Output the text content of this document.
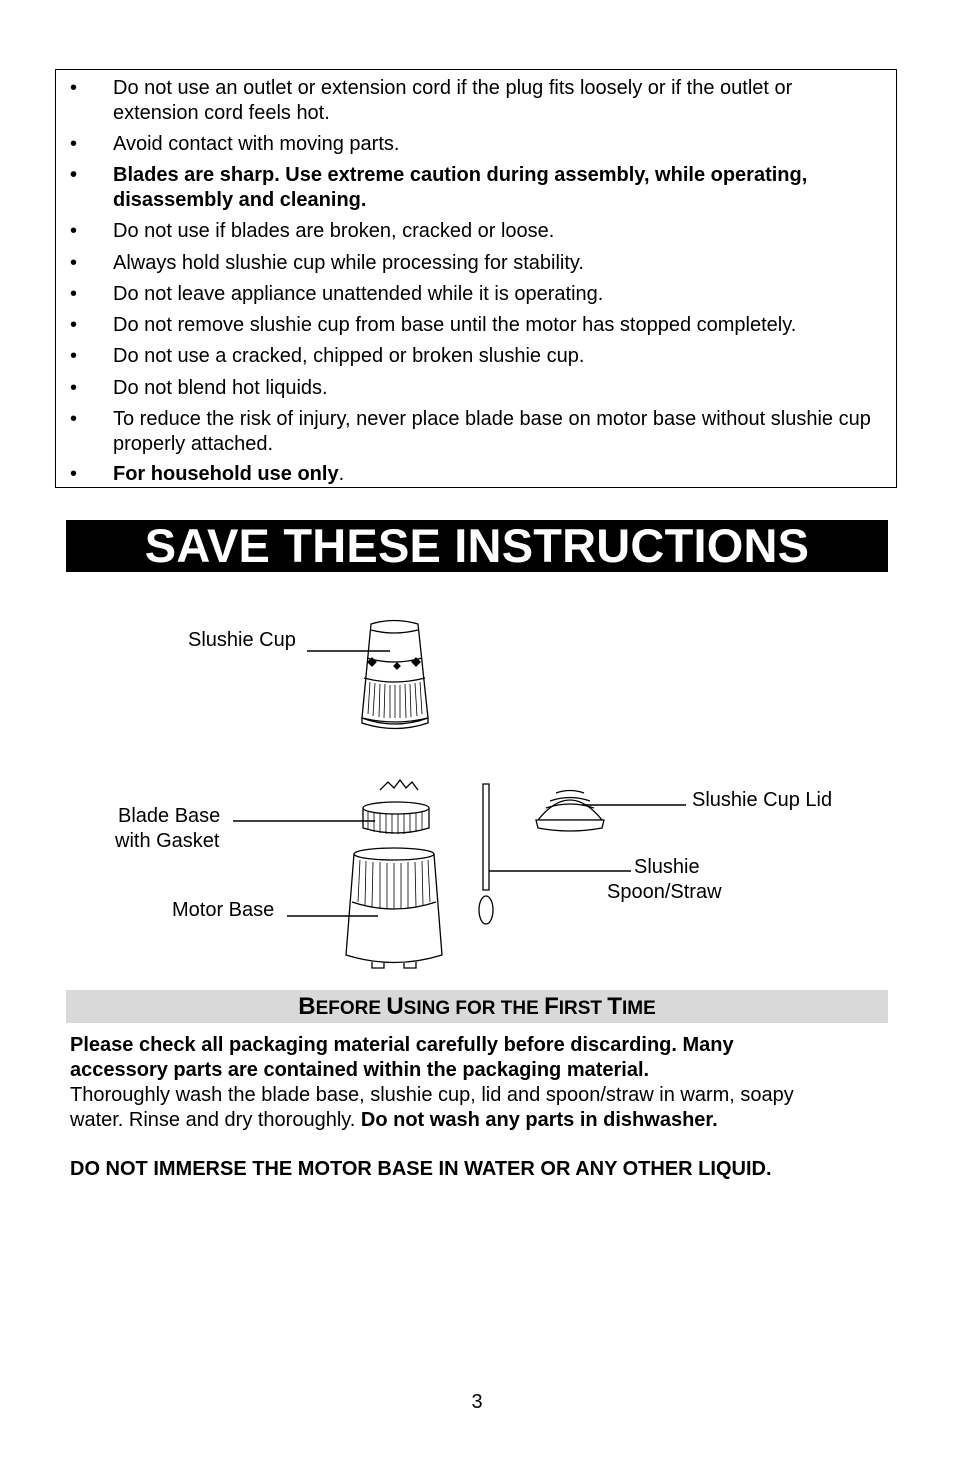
•	Do not use an outlet or extension cord if the plug fits loosely or if the outlet or extension cord feels hot.
•	Avoid contact with moving parts.
•	Blades are sharp. Use extreme caution during assembly, while operating, disassembly and cleaning.
•	Do not use if blades are broken, cracked or loose.
•	Always hold slushie cup while processing for stability.
•	Do not leave appliance unattended while it is operating.
•	Do not remove slushie cup from base until the motor has stopped completely.
•	Do not use a cracked, chipped or broken slushie cup.
•	Do not blend hot liquids.
•	To reduce the risk of injury, never place blade base on motor base without slushie cup properly attached.
•	For household use only.
SAVE THESE INSTRUCTIONS
Slushie Cup
Blade Base
with Gasket
Motor Base
Slushie Cup Lid
Slushie
Spoon/Straw
BEFORE USING FOR THE FIRST TIME
Please check all packaging material carefully before discarding. Many
accessory parts are contained within the packaging material.
Thoroughly wash the blade base, slushie cup, lid and spoon/straw in warm, soapy
water. Rinse and dry thoroughly. Do not wash any parts in dishwasher.
DO NOT IMMERSE THE MOTOR BASE IN WATER OR ANY OTHER LIQUID.
3
